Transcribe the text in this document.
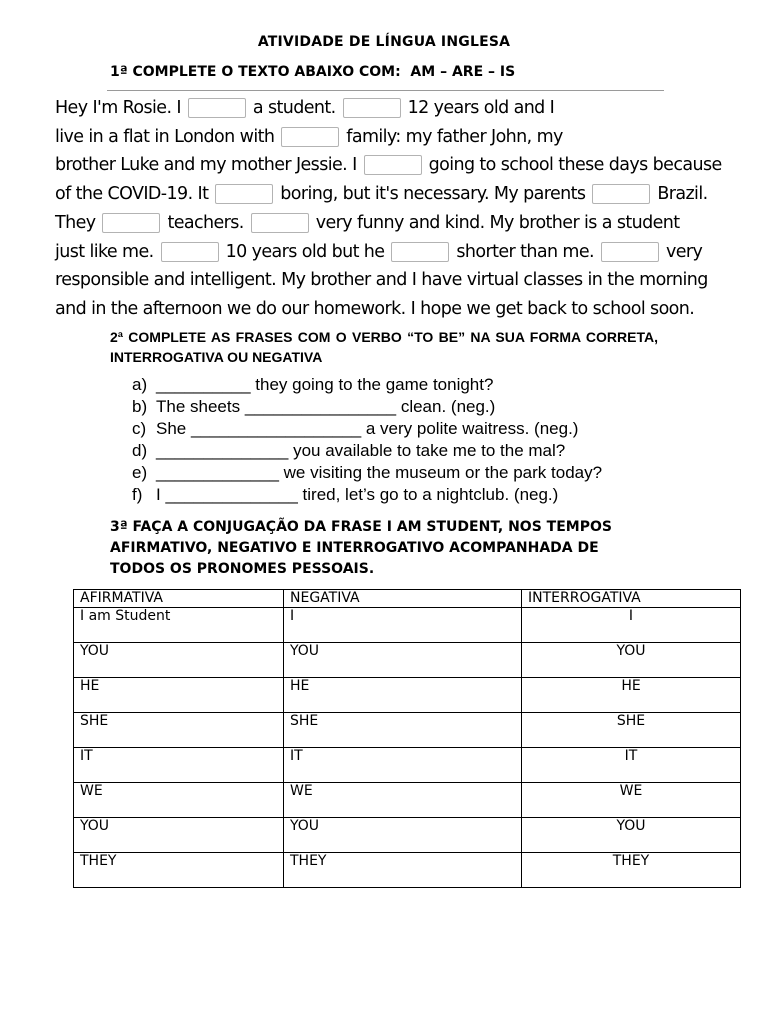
ATIVIDADE DE LÍNGUA INGLESA
1ª COMPLETE O TEXTO ABAIXO COM:  AM – ARE – IS
Hey I'm Rosie. I	a student.	12 years old and I
live in a flat in London with	family: my father John, my
brother Luke and my mother Jessie. I	going to school these days because
of the COVID-19. It	boring, but it's necessary. My parents	Brazil.
They	teachers.	very funny and kind. My brother is a student
just like me.	10 years old but he	shorter than me.	very
responsible and intelligent. My brother and I have virtual classes in the morning
and in the afternoon we do our homework. I hope we get back to school soon.
2ª COMPLETE AS FRASES COM O VERBO “TO BE” NA SUA FORMA CORRETA, INTERROGATIVA OU NEGATIVA
a) __________ they going to the game tonight?
b) The sheets ________________ clean. (neg.)
c) She __________________ a very polite waitress. (neg.)
d) ______________ you available to take me to the mal?
e) _____________ we visiting the museum or the park today?
f) I ______________ tired, let’s go to a nightclub. (neg.)
3ª FAÇA A CONJUGAÇÃO DA FRASE I AM STUDENT, NOS TEMPOS AFIRMATIVO, NEGATIVO E INTERROGATIVO ACOMPANHADA DE TODOS OS PRONOMES PESSOAIS.
AFIRMATIVA	NEGATIVA	INTERROGATIVA
I am Student	I	I
YOU	YOU	YOU
HE	HE	HE
SHE	SHE	SHE
IT	IT	IT
WE	WE	WE
YOU	YOU	YOU
THEY	THEY	THEY
